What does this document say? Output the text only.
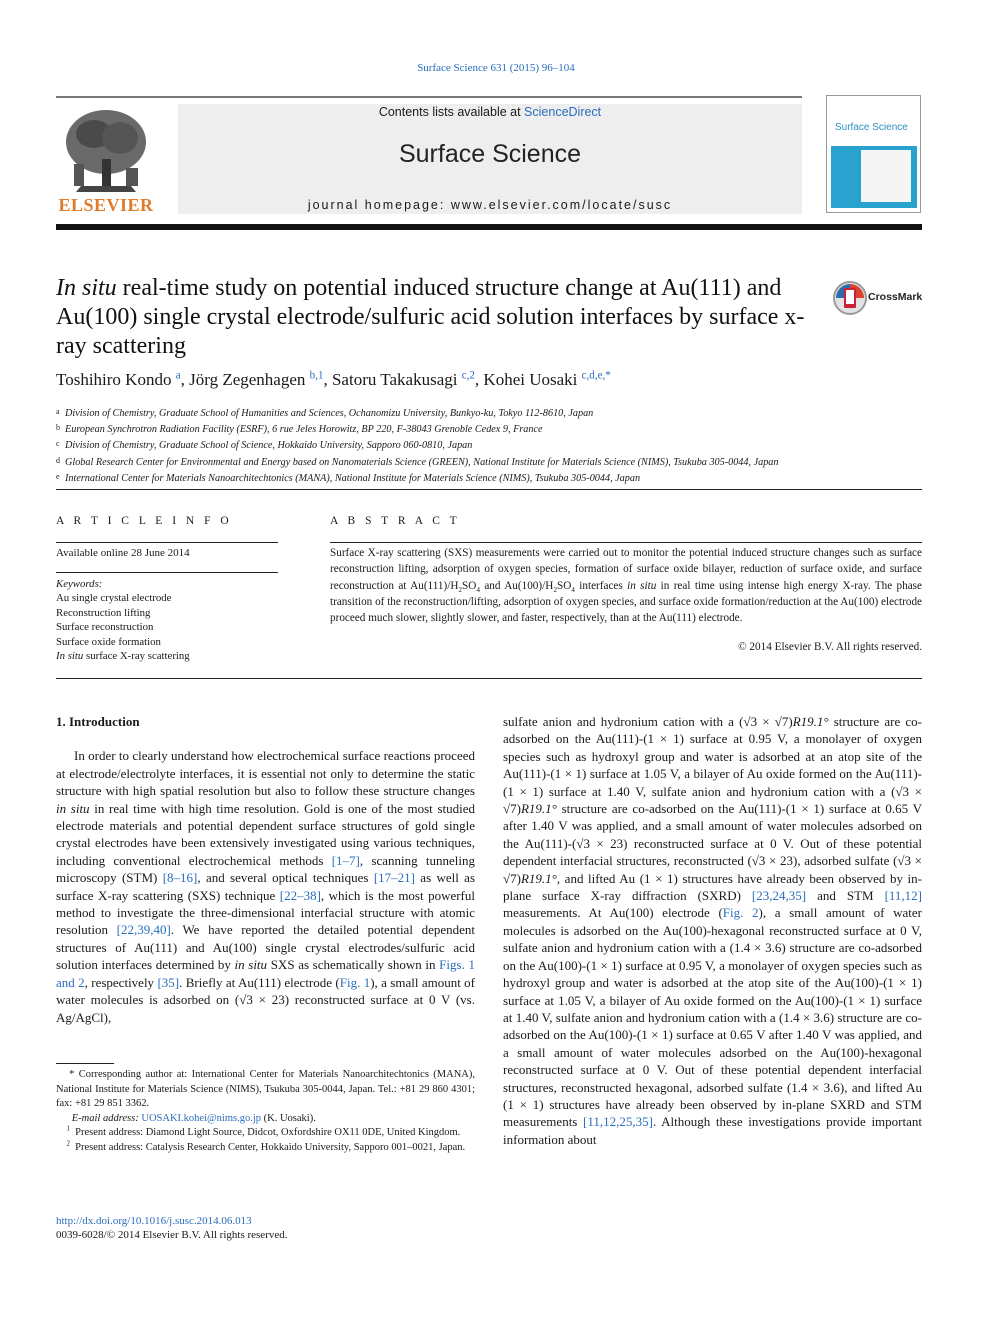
Surface Science 631 (2015) 96–104
Contents lists available at ScienceDirect
Surface Science
journal homepage: www.elsevier.com/locate/susc
ELSEVIER
Surface Science
In situ real-time study on potential induced structure change at Au(111) and Au(100) single crystal electrode/sulfuric acid solution interfaces by surface x-ray scattering
CrossMark
Toshihiro Kondo $^a$, Jörg Zegenhagen $^{b,1}$, Satoru Takakusagi $^{c,2}$, Kohei Uosaki $^{c,d,e,*}$
a Division of Chemistry, Graduate School of Humanities and Sciences, Ochanomizu University, Bunkyo-ku, Tokyo 112-8610, Japan
b European Synchrotron Radiation Facility (ESRF), 6 rue Jeles Horowitz, BP 220, F-38043 Grenoble Cedex 9, France
c Division of Chemistry, Graduate School of Science, Hokkaido University, Sapporo 060-0810, Japan
d Global Research Center for Environmental and Energy based on Nanomaterials Science (GREEN), National Institute for Materials Science (NIMS), Tsukuba 305-0044, Japan
e International Center for Materials Nanoarchitechtonics (MANA), National Institute for Materials Science (NIMS), Tsukuba 305-0044, Japan
A R T I C L E I N F O
Available online 28 June 2014
Keywords:
Au single crystal electrode
Reconstruction lifting
Surface reconstruction
Surface oxide formation
In situ surface X-ray scattering
A B S T R A C T
Surface X-ray scattering (SXS) measurements were carried out to monitor the potential induced structure changes such as surface reconstruction lifting, adsorption of oxygen species, formation of surface oxide bilayer, reduction of surface oxide, and surface reconstruction at $Au(111)/H_2SO_4$ and $Au(100)/H_2SO_4$ interfaces in situ in real time using intense high energy X-ray. The phase transition of the reconstruction/lifting, adsorption of oxygen species, and surface oxide formation/reduction at the Au(100) electrode proceed much slower, slightly slower, and faster, respectively, than at the Au(111) electrode.
© 2014 Elsevier B.V. All rights reserved.
1. Introduction

In order to clearly understand how electrochemical surface reactions proceed at electrode/electrolyte interfaces, it is essential not only to determine the static structure with high spatial resolution but also to follow these structure changes in situ in real time with high time resolution. Gold is one of the most studied electrode materials and potential dependent surface structures of gold single crystal electrodes have been extensively investigated using various techniques, including conventional electrochemical methods [1–7], scanning tunneling microscopy (STM) [8–16], and several optical techniques [17–21] as well as surface X-ray scattering (SXS) technique [22–38], which is the most powerful method to investigate the three-dimensional interfacial structure with atomic resolution [22,39,40]. We have reported the detailed potential dependent structures of Au(111) and Au(100) single crystal electrodes/sulfuric acid solution interfaces determined by in situ SXS as schematically shown in Figs. 1 and 2, respectively [35]. Briefly at Au(111) electrode (Fig. 1), a small amount of water molecules is adsorbed on (√3 × 23) reconstructed surface at 0 V (vs. Ag/AgCl),

* Corresponding author at: International Center for Materials Nanoarchitechtonics (MANA), National Institute for Materials Science (NIMS), Tsukuba 305-0044, Japan. Tel.: +81 29 860 4301; fax: +81 29 851 3362.

E-mail address: UOSAKI.kohei@nims.go.jp (K. Uosaki).

$^1$  Present address: Diamond Light Source, Didcot, Oxfordshire OX11 0DE, United Kingdom.

$^2$  Present address: Catalysis Research Center, Hokkaido University, Sapporo 001–0021, Japan.

sulfate anion and hydronium cation with a (√3 × √7)R19.1° structure are co-adsorbed on the Au(111)-(1 × 1) surface at 0.95 V, a monolayer of oxygen species such as hydroxyl group and water is adsorbed at an atop site of the Au(111)-(1 × 1) surface at 1.05 V, a bilayer of Au oxide formed on the Au(111)-(1 × 1) surface at 1.40 V, sulfate anion and hydronium cation with a (√3 × √7)R19.1° structure are co-adsorbed on the Au(111)-(1 × 1) surface at 0.65 V after 1.40 V was applied, and a small amount of water molecules adsorbed on the Au(111)-(√3 × 23) reconstructed surface at 0 V. Out of these potential dependent interfacial structures, reconstructed (√3 × 23), adsorbed sulfate (√3 × √7)R19.1°, and lifted Au (1 × 1) structures have already been observed by in-plane surface X-ray diffraction (SXRD) [23,24,35] and STM [11,12] measurements. At Au(100) electrode (Fig. 2), a small amount of water molecules is adsorbed on the Au(100)-hexagonal reconstructed surface at 0 V, sulfate anion and hydronium cation with a (1.4 × 3.6) structure are co-adsorbed on the Au(100)-(1 × 1) surface at 0.95 V, a monolayer of oxygen species such as hydroxyl group and water is adsorbed at the atop site of the Au(100)-(1 × 1) surface at 1.05 V, a bilayer of Au oxide formed on the Au(100)-(1 × 1) surface at 1.40 V, sulfate anion and hydronium cation with a (1.4 × 3.6) structure are co-adsorbed on the Au(100)-(1 × 1) surface at 0.65 V after 1.40 V was applied, and a small amount of water molecules adsorbed on the Au(100)-hexagonal reconstructed surface at 0 V. Out of these potential dependent interfacial structures, reconstructed hexagonal, adsorbed sulfate (1.4 × 3.6), and lifted Au (1 × 1) structures have already been observed by in-plane SXRD and STM measurements [11,12,25,35]. Although these investigations provide important information about

http://dx.doi.org/10.1016/j.susc.2014.06.013
0039-6028/© 2014 Elsevier B.V. All rights reserved.
